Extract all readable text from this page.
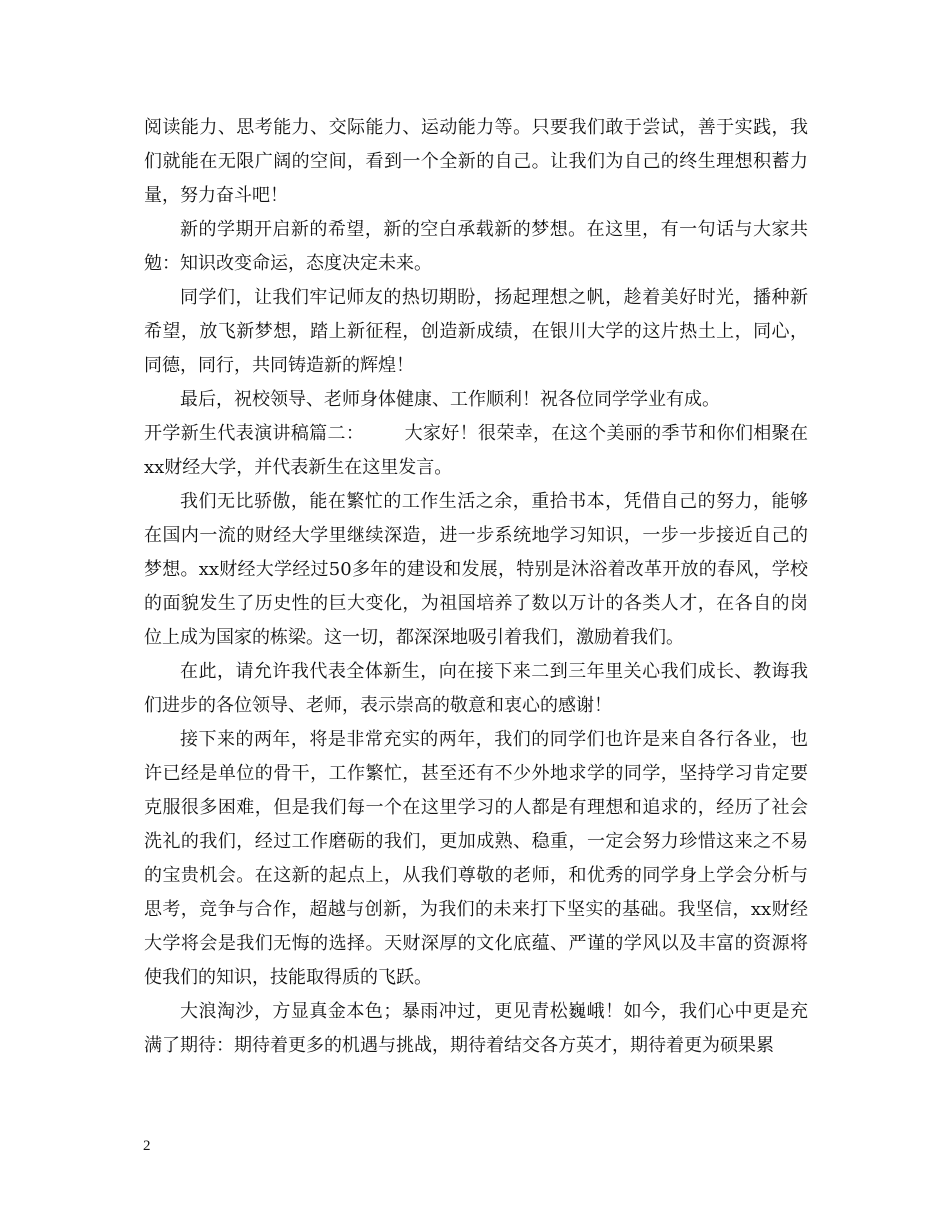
阅读能力、思考能力、交际能力、运动能力等。只要我们敢于尝试，善于实践，我们就能在无限广阔的空间，看到一个全新的自己。让我们为自己的终生理想积蓄力量，努力奋斗吧！

新的学期开启新的希望，新的空白承载新的梦想。在这里，有一句话与大家共勉：知识改变命运，态度决定未来。

同学们，让我们牢记师友的热切期盼，扬起理想之帆，趁着美好时光，播种新希望，放飞新梦想，踏上新征程，创造新成绩，在银川大学的这片热土上，同心，同德，同行，共同铸造新的辉煌！

最后，祝校领导、老师身体健康、工作顺利！祝各位同学学业有成。

开学新生代表演讲稿篇二： 大家好！很荣幸，在这个美丽的季节和你们相聚在xx财经大学，并代表新生在这里发言。

我们无比骄傲，能在繁忙的工作生活之余，重拾书本，凭借自己的努力，能够在国内一流的财经大学里继续深造，进一步系统地学习知识，一步一步接近自己的梦想。xx财经大学经过50多年的建设和发展，特别是沐浴着改革开放的春风，学校的面貌发生了历史性的巨大变化，为祖国培养了数以万计的各类人才，在各自的岗位上成为国家的栋梁。这一切，都深深地吸引着我们，激励着我们。

在此，请允许我代表全体新生，向在接下来二到三年里关心我们成长、教诲我们进步的各位领导、老师，表示崇高的敬意和衷心的感谢！

接下来的两年，将是非常充实的两年，我们的同学们也许是来自各行各业，也许已经是单位的骨干，工作繁忙，甚至还有不少外地求学的同学，坚持学习肯定要克服很多困难，但是我们每一个在这里学习的人都是有理想和追求的，经历了社会洗礼的我们，经过工作磨砺的我们，更加成熟、稳重，一定会努力珍惜这来之不易的宝贵机会。在这新的起点上，从我们尊敬的老师，和优秀的同学身上学会分析与思考，竞争与合作，超越与创新，为我们的未来打下坚实的基础。我坚信，xx财经大学将会是我们无悔的选择。天财深厚的文化底蕴、严谨的学风以及丰富的资源将使我们的知识，技能取得质的飞跃。

大浪淘沙，方显真金本色；暴雨冲过，更见青松巍峨！如今，我们心中更是充满了期待：期待着更多的机遇与挑战，期待着结交各方英才，期待着更为硕果累

2
